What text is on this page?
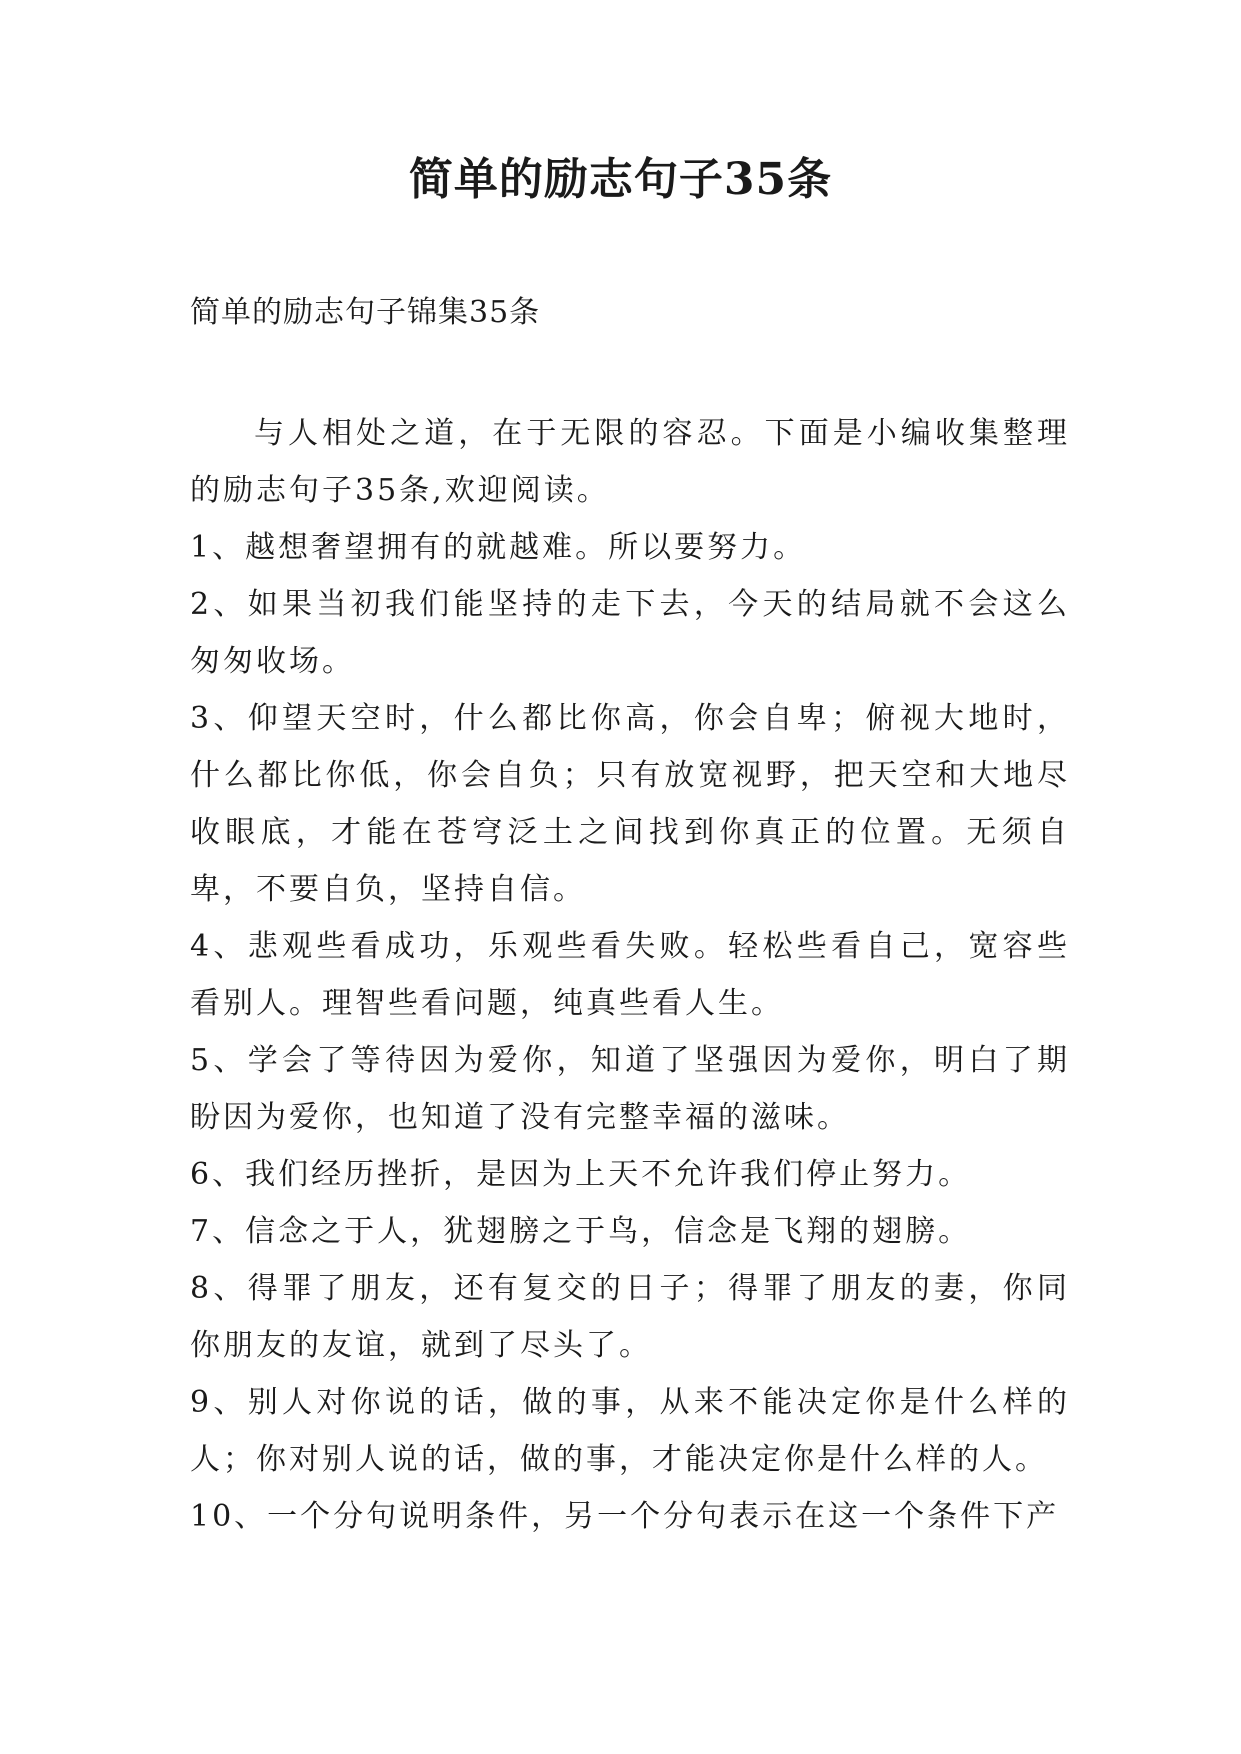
简单的励志句子35条
简单的励志句子锦集35条

与人相处之道，在于无限的容忍。下面是小编收集整理的励志句子35条,欢迎阅读。

1、越想奢望拥有的就越难。所以要努力。

2、如果当初我们能坚持的走下去，今天的结局就不会这么匆匆收场。

3、仰望天空时，什么都比你高，你会自卑；俯视大地时，什么都比你低，你会自负；只有放宽视野，把天空和大地尽收眼底，才能在苍穹泛土之间找到你真正的位置。无须自卑，不要自负，坚持自信。

4、悲观些看成功，乐观些看失败。轻松些看自己，宽容些看别人。理智些看问题，纯真些看人生。

5、学会了等待因为爱你，知道了坚强因为爱你，明白了期盼因为爱你，也知道了没有完整幸福的滋味。

6、我们经历挫折，是因为上天不允许我们停止努力。

7、信念之于人，犹翅膀之于鸟，信念是飞翔的翅膀。

8、得罪了朋友，还有复交的日子；得罪了朋友的妻，你同你朋友的友谊，就到了尽头了。

9、别人对你说的话，做的事，从来不能决定你是什么样的人；你对别人说的话，做的事，才能决定你是什么样的人。

10、一个分句说明条件，另一个分句表示在这一个条件下产
